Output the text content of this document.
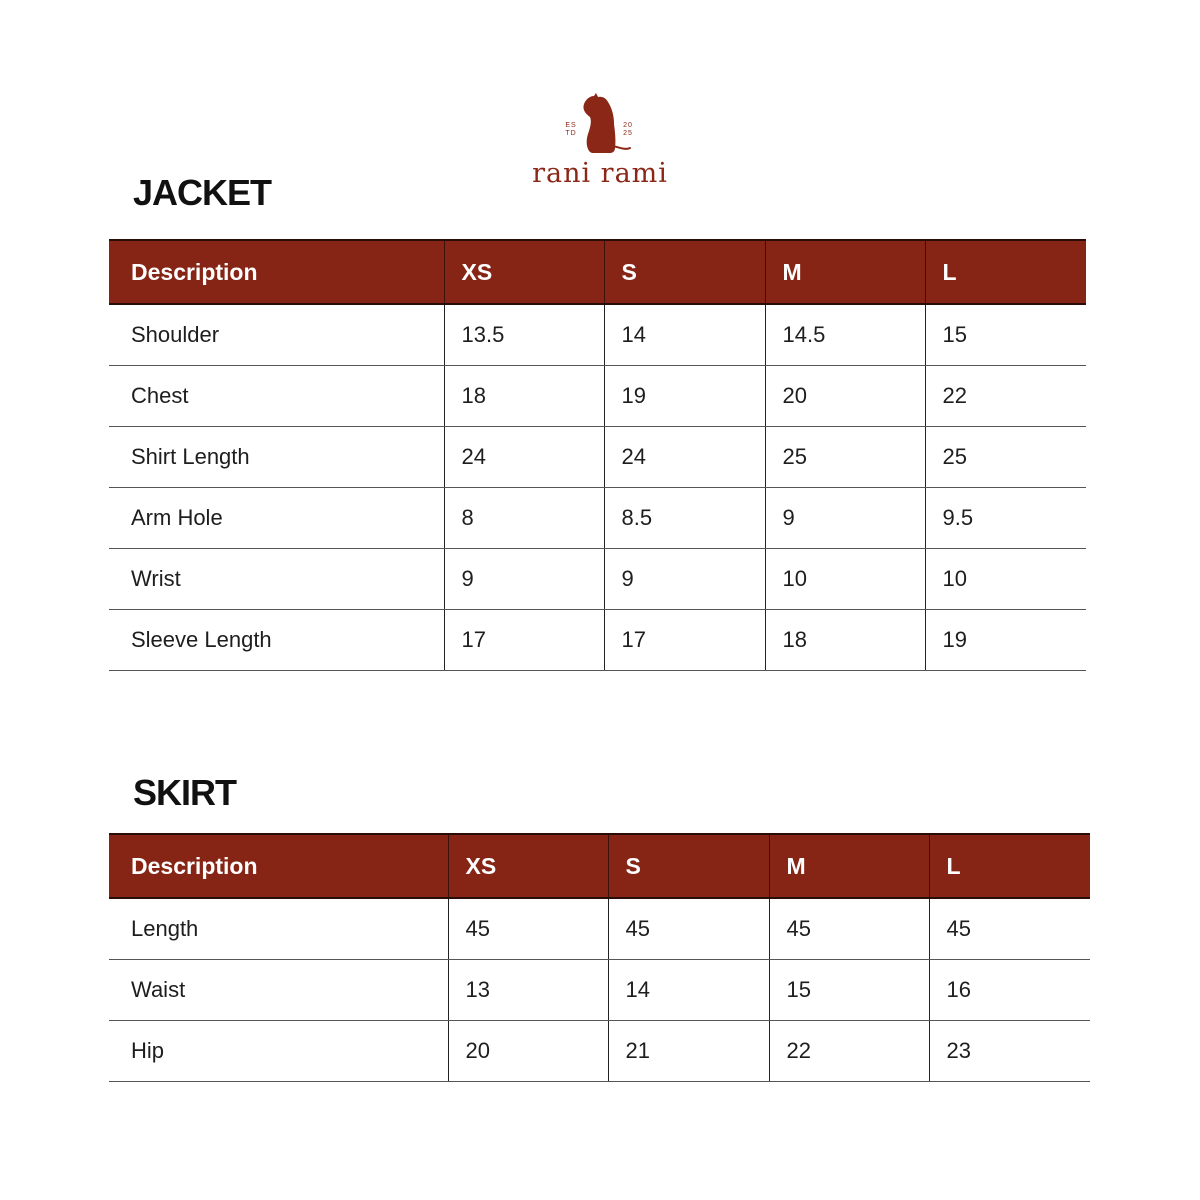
ES
TD
20
25
rani rami
JACKET
Description	XS	S	M	L
Shoulder	13.5	14	14.5	15
Chest	18	19	20	22
Shirt Length	24	24	25	25
Arm Hole	8	8.5	9	9.5
Wrist	9	9	10	10
Sleeve Length	17	17	18	19
SKIRT
Description	XS	S	M	L
Length	45	45	45	45
Waist	13	14	15	16
Hip	20	21	22	23
